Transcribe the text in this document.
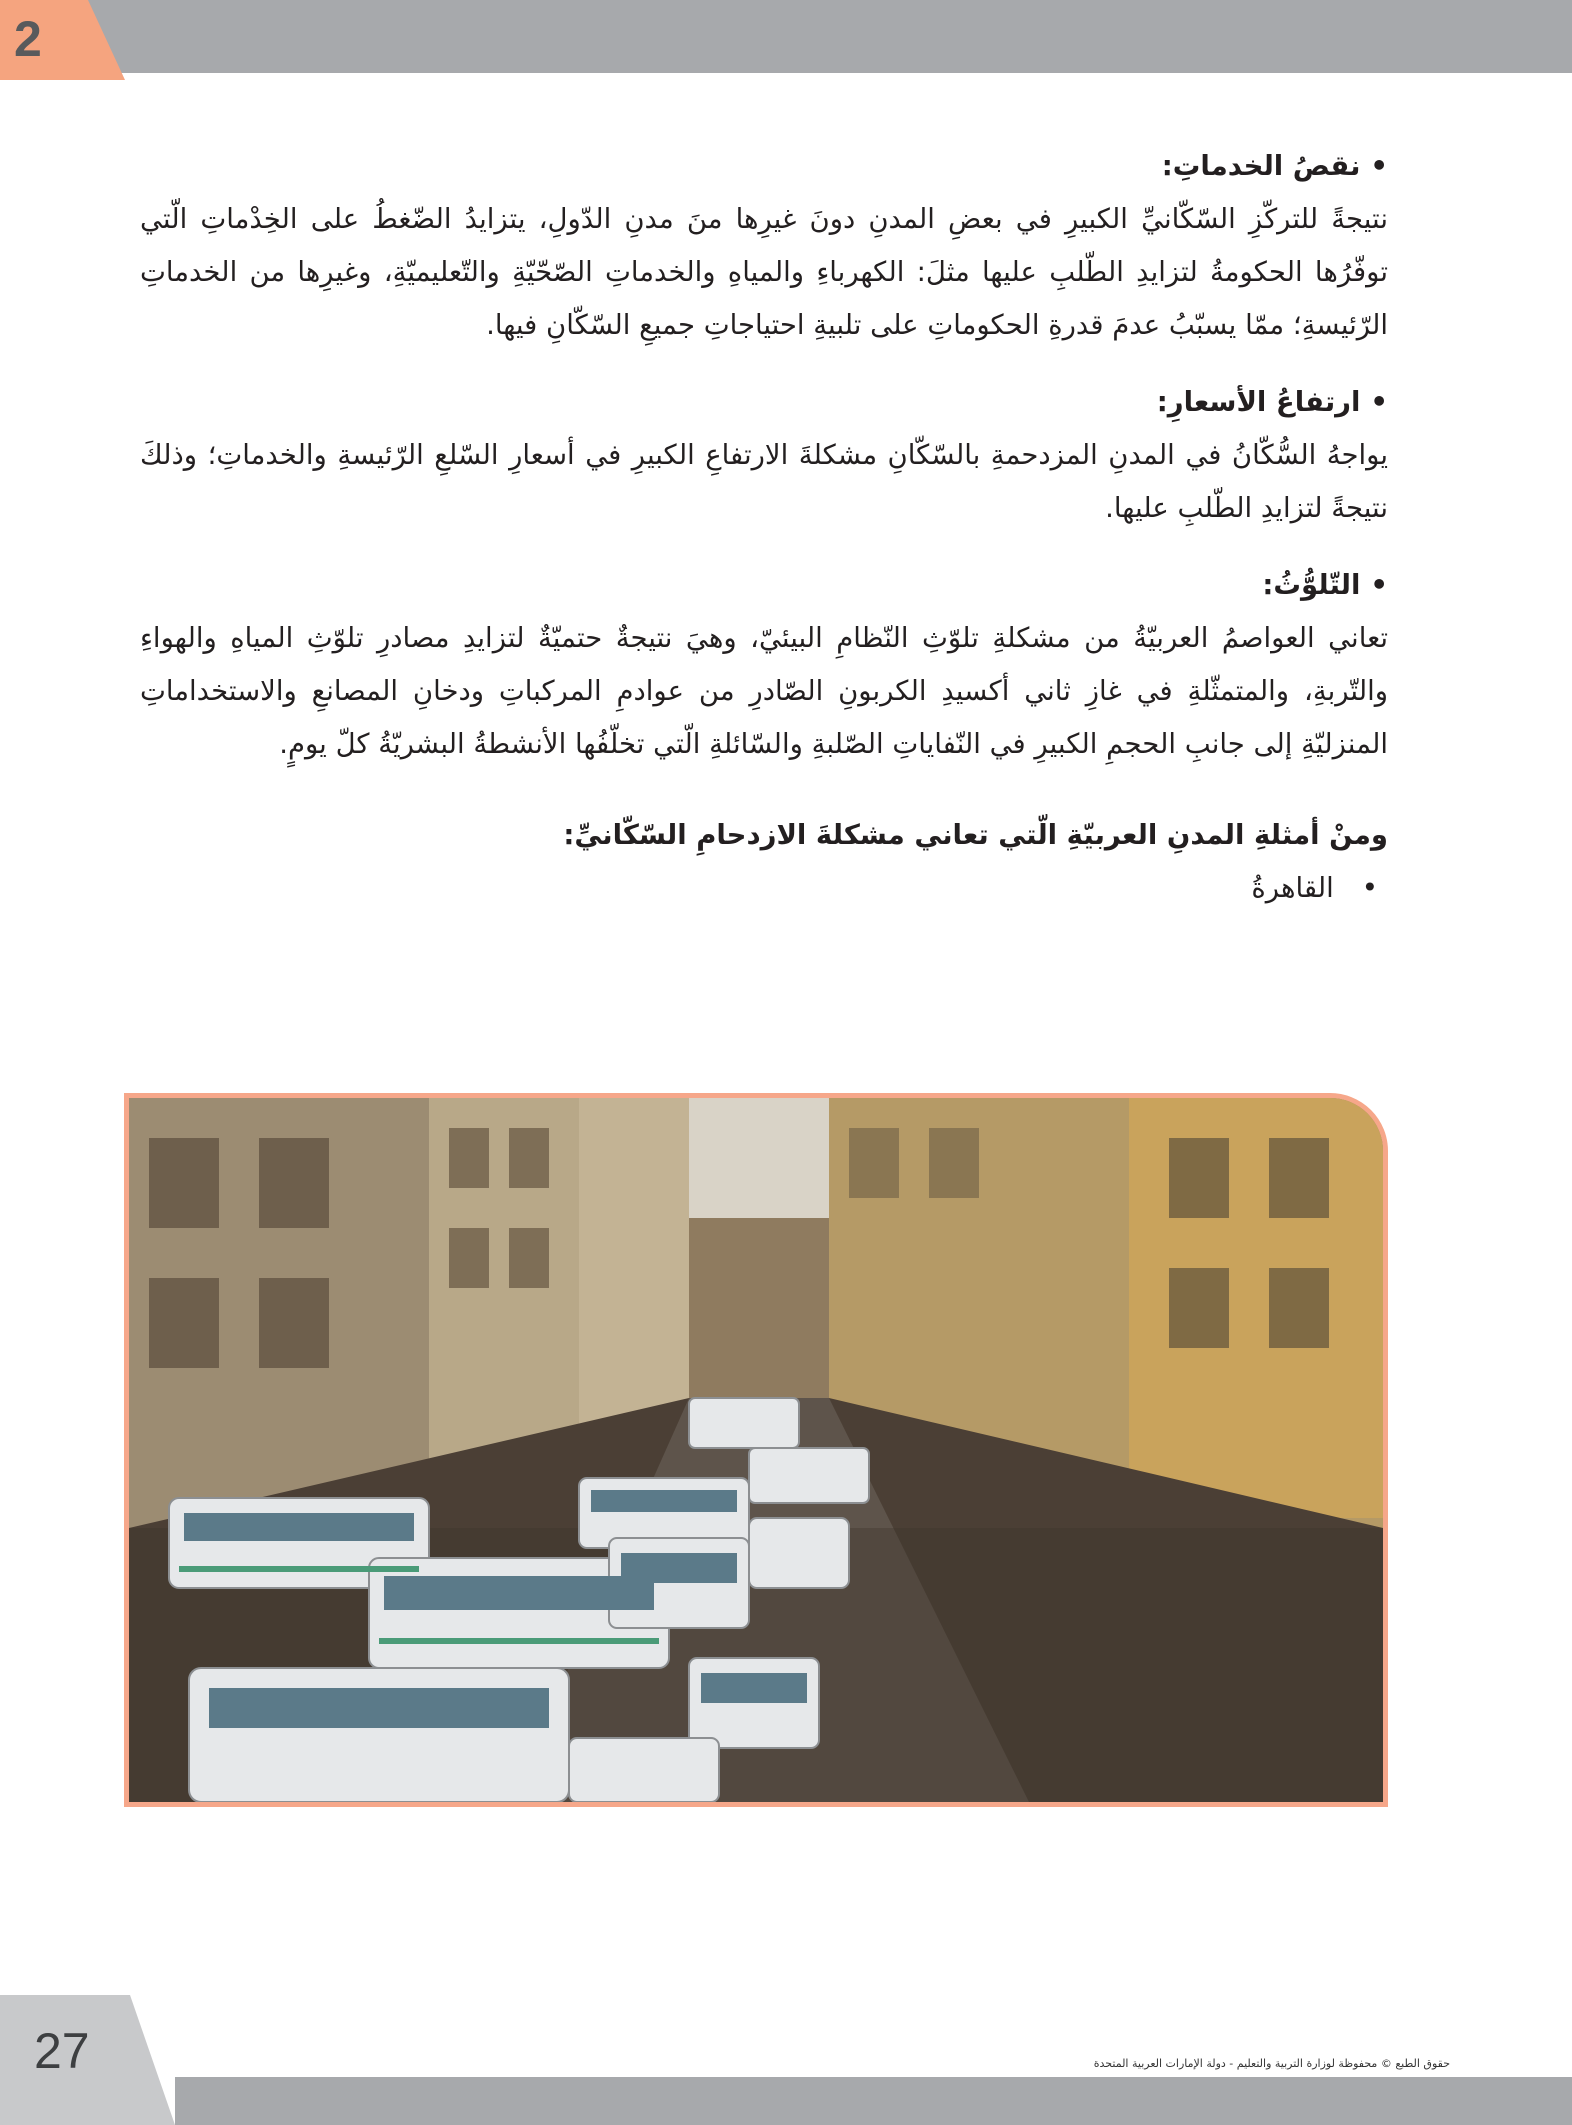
2

•نقصُ الخدماتِ:

نتيجةً للتركّزِ السّكّانيِّ الكبيرِ في بعضِ المدنِ دونَ غيرِها منَ مدنِ الدّولِ، يتزايدُ الضّغطُ على الخِدْماتِ الّتي توفّرُها الحكومةُ لتزايدِ الطّلبِ عليها مثلَ: الكهرباءِ والمياهِ والخدماتِ الصّحّيّةِ والتّعليميّةِ، وغيرِها من الخدماتِ الرّئيسةِ؛ ممّا يسبّبُ عدمَ قدرةِ الحكوماتِ على تلبيةِ احتياجاتِ جميعِ السّكّانِ فيها.

•ارتفاعُ الأسعارِ:

يواجهُ السُّكّانُ في المدنِ المزدحمةِ بالسّكّانِ مشكلةَ الارتفاعِ الكبيرِ في أسعارِ السّلعِ الرّئيسةِ والخدماتِ؛ وذلكَ نتيجةً لتزايدِ الطّلبِ عليها.

•التّلوُّثُ:

تعاني العواصمُ العربيّةُ من مشكلةِ تلوّثِ النّظامِ البيئيّ، وهيَ نتيجةٌ حتميّةٌ لتزايدِ مصادرِ تلوّثِ المياهِ والهواءِ والتّربةِ، والمتمثّلةِ في غازِ ثاني أكسيدِ الكربونِ الصّادرِ من عوادمِ المركباتِ ودخانِ المصانعِ والاستخداماتِ المنزليّةِ إلى جانبِ الحجمِ الكبيرِ في النّفاياتِ الصّلبةِ والسّائلةِ الّتي تخلّفُها الأنشطةُ البشريّةُ كلّ يومٍ.

ومنْ أمثلةِ المدنِ العربيّةِ الّتي تعاني مشكلةَ الازدحامِ السّكّانيِّ:

•القاهرةُ

27	حقوق الطبع © محفوظة لوزارة التربية والتعليم - دولة الإمارات العربية المتحدة
